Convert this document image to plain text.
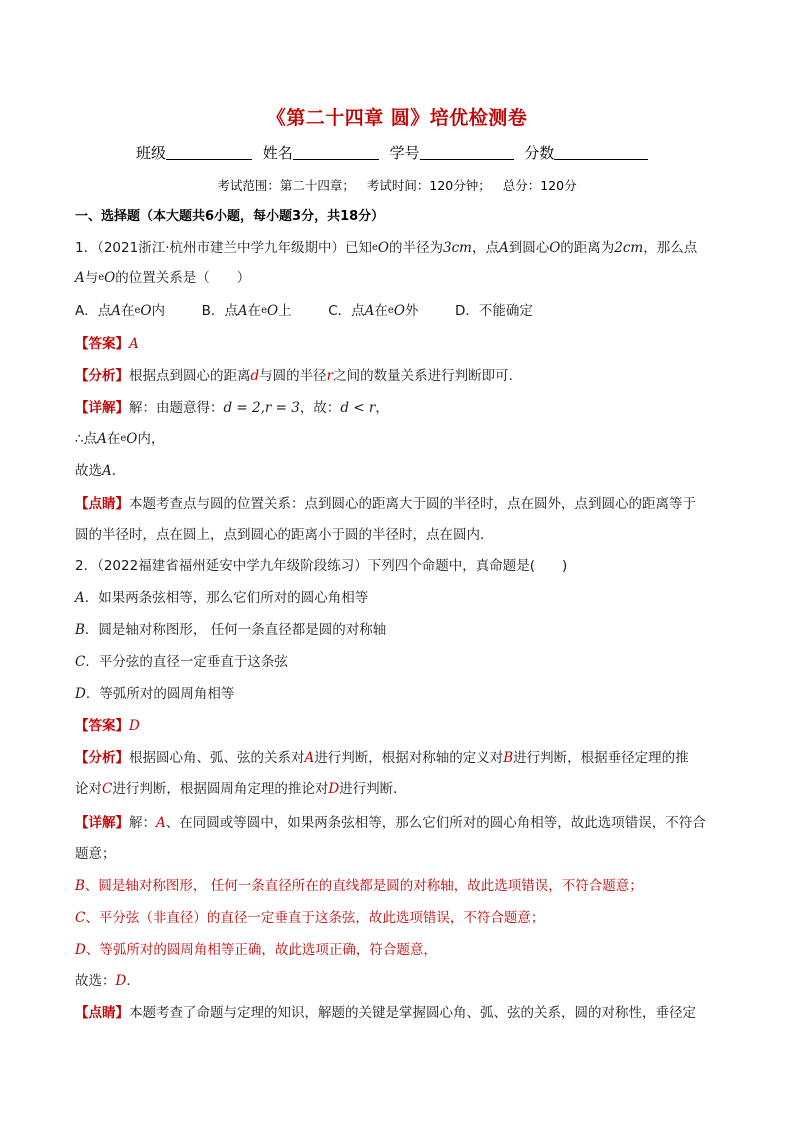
《第二十四章 圆》培优检测卷
班级	姓名	学号	分数
考试范围：第二十四章； 考试时间：120分钟； 总分：120分
一、选择题（本大题共6小题，每小题3分，共18分）
1．（2021浙江·杭州市建兰中学九年级期中）已知eO的半径为3cm，点A到圆心O的距离为2cm，那么点
A与eO的位置关系是（　　）
A．点A在eO内	B．点A在eO上	C．点A在eO外	D．不能确定
【答案】A
【分析】根据点到圆心的距离d与圆的半径r之间的数量关系进行判断即可．
【详解】解：由题意得：d = 2,r = 3，故：d < r，
∴点A在eO内，
故选A．
【点睛】本题考查点与圆的位置关系：点到圆心的距离大于圆的半径时，点在圆外，点到圆心的距离等于
圆的半径时，点在圆上，点到圆心的距离小于圆的半径时，点在圆内．
2．（2022福建省福州延安中学九年级阶段练习）下列四个命题中，真命题是(　　)
A．如果两条弦相等，那么它们所对的圆心角相等
B．圆是轴对称图形， 任何一条直径都是圆的对称轴
C．平分弦的直径一定垂直于这条弦
D．等弧所对的圆周角相等
【答案】D
【分析】根据圆心角、弧、弦的关系对A进行判断，根据对称轴的定义对B进行判断，根据垂径定理的推
论对C进行判断，根据圆周角定理的推论对D进行判断．
【详解】解：A、在同圆或等圆中，如果两条弦相等，那么它们所对的圆心角相等，故此选项错误，不符合
题意；
B、圆是轴对称图形， 任何一条直径所在的直线都是圆的对称轴，故此选项错误，不符合题意；
C、平分弦（非直径）的直径一定垂直于这条弦，故此选项错误，不符合题意；
D、等弧所对的圆周角相等正确，故此选项正确，符合题意，
故选：D．
【点睛】本题考查了命题与定理的知识，解题的关键是掌握圆心角、弧、弦的关系，圆的对称性，垂径定
